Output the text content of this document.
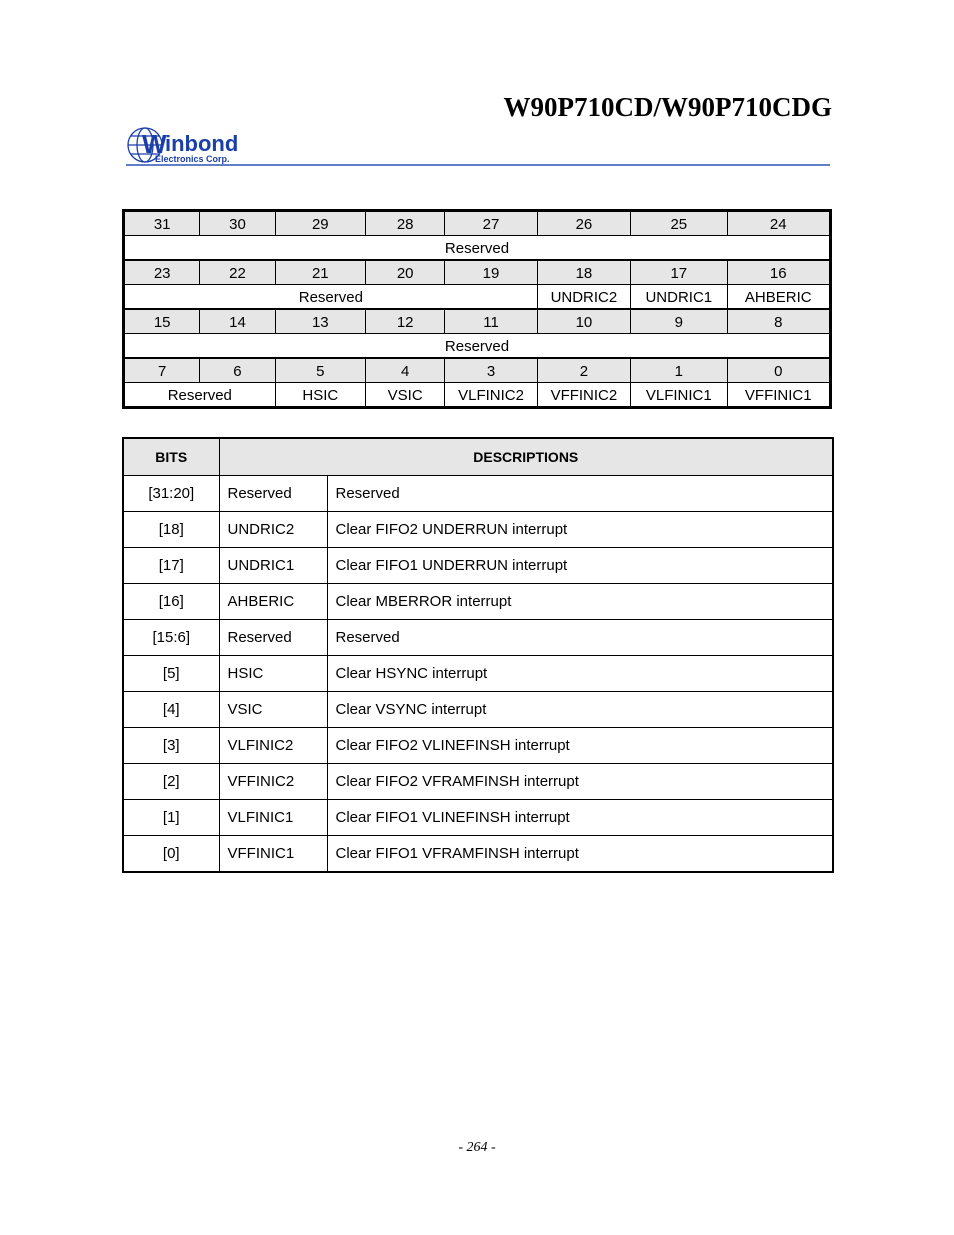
W90P710CD/W90P710CDG
W
inbond
Electronics Corp.
31	30	29	28	27	26	25	24
Reserved							
23	22	21	20	19	18	17	16
Reserved					UNDRIC2	UNDRIC1	AHBERIC
15	14	13	12	11	10	9	8
Reserved							
7	6	5	4	3	2	1	0
Reserved		HSIC	VSIC	VLFINIC2	VFFINIC2	VLFINIC1	VFFINIC1
BITS	DESCRIPTIONS	
[31:20]	Reserved	Reserved
[18]	UNDRIC2	Clear FIFO2 UNDERRUN interrupt
[17]	UNDRIC1	Clear FIFO1 UNDERRUN interrupt
[16]	AHBERIC	Clear MBERROR interrupt
[15:6]	Reserved	Reserved
[5]	HSIC	Clear HSYNC interrupt
[4]	VSIC	Clear VSYNC interrupt
[3]	VLFINIC2	Clear FIFO2 VLINEFINSH interrupt
[2]	VFFINIC2	Clear FIFO2 VFRAMFINSH interrupt
[1]	VLFINIC1	Clear FIFO1 VLINEFINSH interrupt
[0]	VFFINIC1	Clear FIFO1 VFRAMFINSH interrupt
- 264 -
